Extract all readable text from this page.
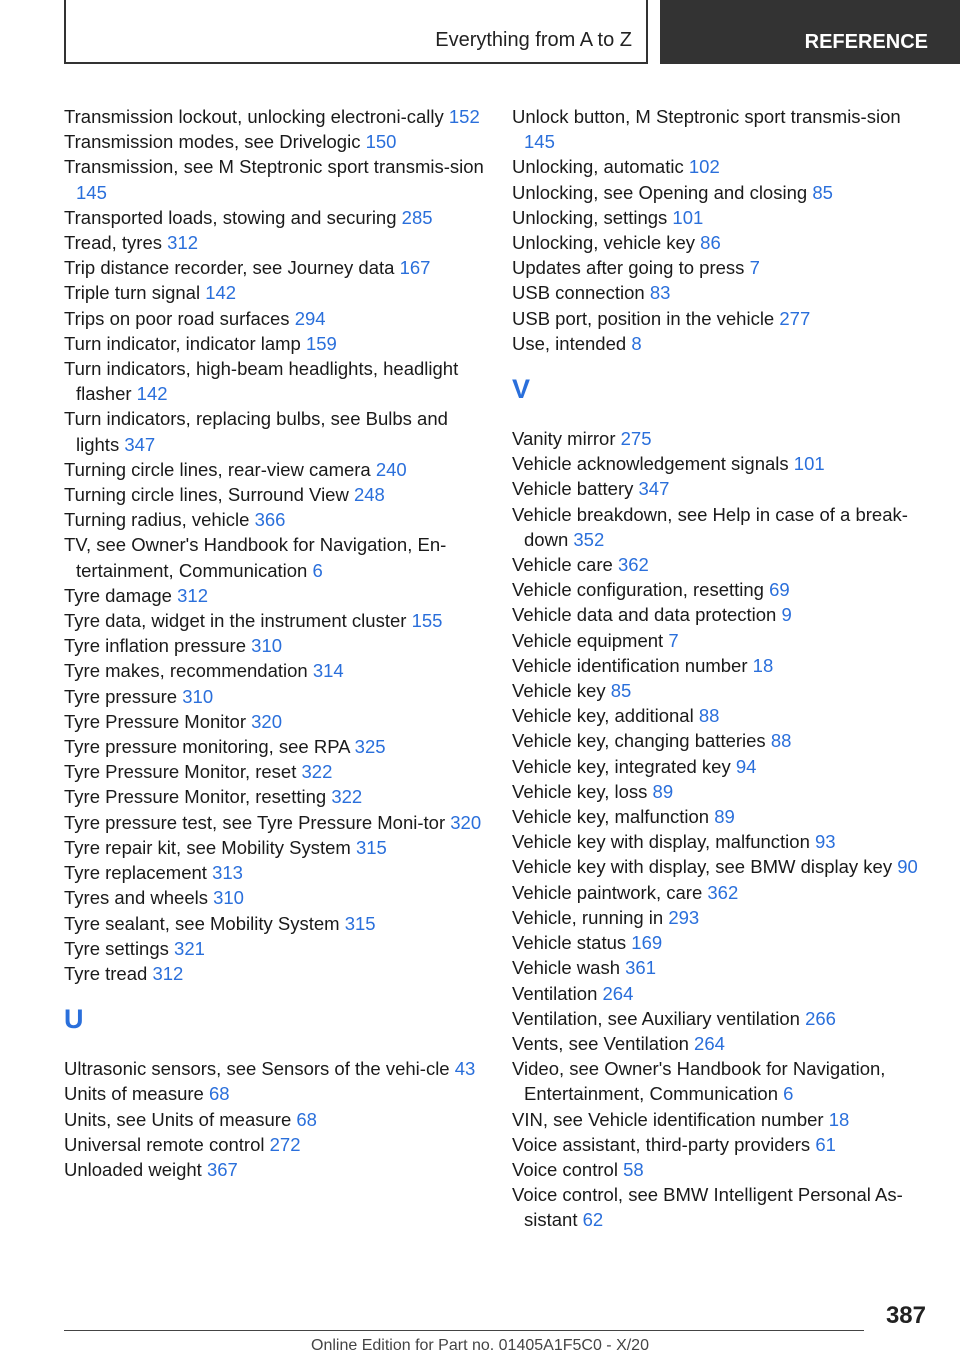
Everything from A to Z	REFERENCE
Transmission lockout, unlocking electroni‐cally 152
Transmission modes, see Drivelogic 150
Transmission, see M Steptronic sport transmis‐sion 145
Transported loads, stowing and securing 285
Tread, tyres 312
Trip distance recorder, see Journey data 167
Triple turn signal 142
Trips on poor road surfaces 294
Turn indicator, indicator lamp 159
Turn indicators, high-beam headlights, headlight flasher 142
Turn indicators, replacing bulbs, see Bulbs and lights 347
Turning circle lines, rear-view camera 240
Turning circle lines, Surround View 248
Turning radius, vehicle 366
TV, see Owner's Handbook for Navigation, En‐tertainment, Communication 6
Tyre damage 312
Tyre data, widget in the instrument cluster 155
Tyre inflation pressure 310
Tyre makes, recommendation 314
Tyre pressure 310
Tyre Pressure Monitor 320
Tyre pressure monitoring, see RPA 325
Tyre Pressure Monitor, reset 322
Tyre Pressure Monitor, resetting 322
Tyre pressure test, see Tyre Pressure Moni‐tor 320
Tyre repair kit, see Mobility System 315
Tyre replacement 313
Tyres and wheels 310
Tyre sealant, see Mobility System 315
Tyre settings 321
Tyre tread 312
U
Ultrasonic sensors, see Sensors of the vehi‐cle 43
Units of measure 68
Units, see Units of measure 68
Universal remote control 272
Unloaded weight 367
Unlock button, M Steptronic sport transmis‐sion 145
Unlocking, automatic 102
Unlocking, see Opening and closing 85
Unlocking, settings 101
Unlocking, vehicle key 86
Updates after going to press 7
USB connection 83
USB port, position in the vehicle 277
Use, intended 8
V
Vanity mirror 275
Vehicle acknowledgement signals 101
Vehicle battery 347
Vehicle breakdown, see Help in case of a break‐down 352
Vehicle care 362
Vehicle configuration, resetting 69
Vehicle data and data protection 9
Vehicle equipment 7
Vehicle identification number 18
Vehicle key 85
Vehicle key, additional 88
Vehicle key, changing batteries 88
Vehicle key, integrated key 94
Vehicle key, loss 89
Vehicle key, malfunction 89
Vehicle key with display, malfunction 93
Vehicle key with display, see BMW display key 90
Vehicle paintwork, care 362
Vehicle, running in 293
Vehicle status 169
Vehicle wash 361
Ventilation 264
Ventilation, see Auxiliary ventilation 266
Vents, see Ventilation 264
Video, see Owner's Handbook for Navigation, Entertainment, Communication 6
VIN, see Vehicle identification number 18
Voice assistant, third-party providers 61
Voice control 58
Voice control, see BMW Intelligent Personal As‐sistant 62
387
Online Edition for Part no. 01405A1F5C0 - X/20
